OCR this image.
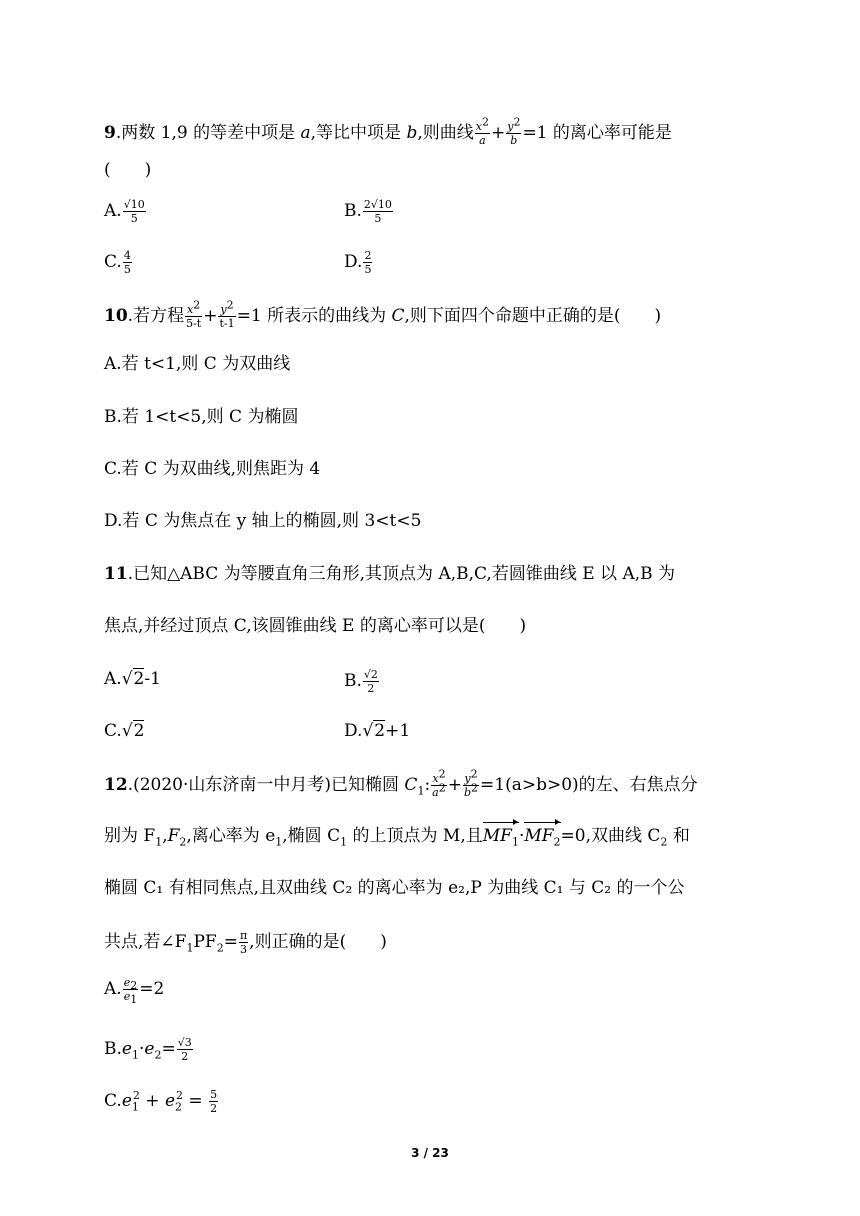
9.两数 1,9 的等差中项是 a,等比中项是 b,则曲线 $\frac{x^2}{a} + \frac{y^2}{b} =1$ 的离心率可能是
(　　)
A. $\frac{√10}{5}$	B. $\frac{2√10}{5}$
C. $\frac{4}{5}$	D. $\frac{2}{5}$
10.若方程 $\frac{x^2}{5-t} + \frac{y^2}{t-1} =1$ 所表示的曲线为 C,则下面四个命题中正确的是(　　)
A.若 t<1,则 C 为双曲线
B.若 1<t<5,则 C 为椭圆
C.若 C 为双曲线,则焦距为 4
D.若 C 为焦点在 y 轴上的椭圆,则 3<t<5
11.已知△ABC 为等腰直角三角形,其顶点为 A,B,C,若圆锥曲线 E 以 A,B 为
焦点,并经过顶点 C,该圆锥曲线 E 的离心率可以是(　　)
A.√2-1	B. $\frac{√2}{2}$
C.√2	D.√2+1
12.(2020·山东济南一中月考)已知椭圆 $C_1$: $\frac{x^2}{a^2} + \frac{y^2}{b^2} =1(a>b>0)$的左、右焦点分
别为 $F_1,F_2$,离心率为 $e_1$,椭圆 $C_1$ 的上顶点为 M,且$MF_1\cdot MF_2=0$,双曲线 $C_2$ 和
椭圆 C₁ 有相同焦点,且双曲线 C₂ 的离心率为 e₂,P 为曲线 C₁ 与 C₂ 的一个公
共点,若$\angle F_1PF_2= \frac{\pi}{3}$ ,则正确的是(　　)
A. $\frac{e_2}{e_1} =2$
$B.e_1\cdot e_2= \frac{√3}{2}$
$C.e_1^2 + e_2^2 = \frac{5}{2}$
3 / 23
